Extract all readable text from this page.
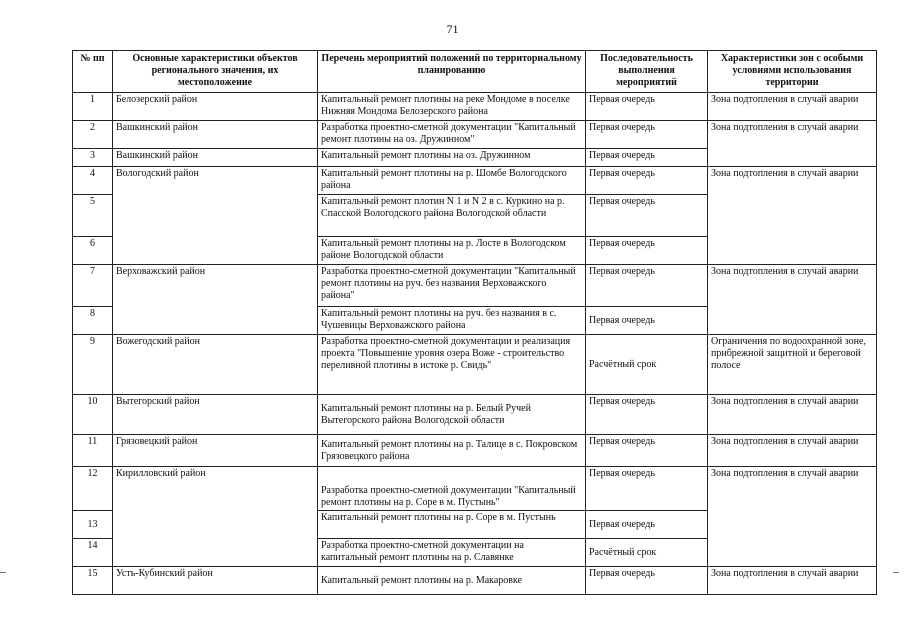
71
№ пп	Основные характеристики объектов регионального значения, их местоположение	Перечень мероприятий положений по территориальному планированию	Последовательность выполнения мероприятий	Характеристики зон с особыми условиями использования территории
1	Белозерский район	Капитальный ремонт плотины на реке Мондоме в поселке Нижняя Мондома Белозерского района	Первая очередь	Зона подтопления в случай аварии
2	Вашкинский район	Разработка проектно-сметной документации "Капитальный ремонт плотины на оз. Дружинном"	Первая очередь	Зона подтопления в случай аварии
3	Вашкинский район	Капитальный ремонт плотины на оз. Дружинном	Первая очередь	
4	Вологодский район	Капитальный ремонт плотины на р. Шомбе Вологодского района	Первая очередь	Зона подтопления в случай аварии
5		Капитальный ремонт плотин N 1 и N 2 в с. Куркино на р. Спасской Вологодского района Вологодской области	Первая очередь	
6		Капитальный ремонт плотины на р. Лосте в Вологодском районе Вологодской области	Первая очередь	
7	Верховажский район	Разработка проектно-сметной документации "Капитальный ремонт плотины на руч. без названия Верховажского района"	Первая очередь	Зона подтопления в случай аварии
8		Капитальный ремонт плотины на руч. без названия в с. Чушевицы Верховажского района	Первая очередь	
9	Вожегодский район	Разработка проектно-сметной документации и реализация проекта "Повышение уровня озера Воже - строительство переливной плотины в истоке р. Свидь"	Расчётный срок	Ограничения по водоохранной зоне, прибрежной защитной и береговой полосе
10	Вытегорский район	Капитальный ремонт плотины на р. Белый Ручей Вытегорского района Вологодской области	Первая очередь	Зона подтопления в случай аварии
11	Грязовецкий район	Капитальный ремонт плотины на р. Талице в с. Покровском Грязовецкого района	Первая очередь	Зона подтопления в случай аварии
12	Кирилловский район	Разработка проектно-сметной документации "Капитальный ремонт плотины на р. Соре в м. Пустынь"	Первая очередь	Зона подтопления в случай аварии
13		Капитальный ремонт плотины на р. Соре в м. Пустынь	Первая очередь	
14		Разработка проектно-сметной документации на капитальный ремонт плотины на р. Славянке	Расчётный срок	
15	Усть-Кубинский район	Капитальный ремонт плотины на р. Макаровке	Первая очередь	Зона подтопления в случай аварии
